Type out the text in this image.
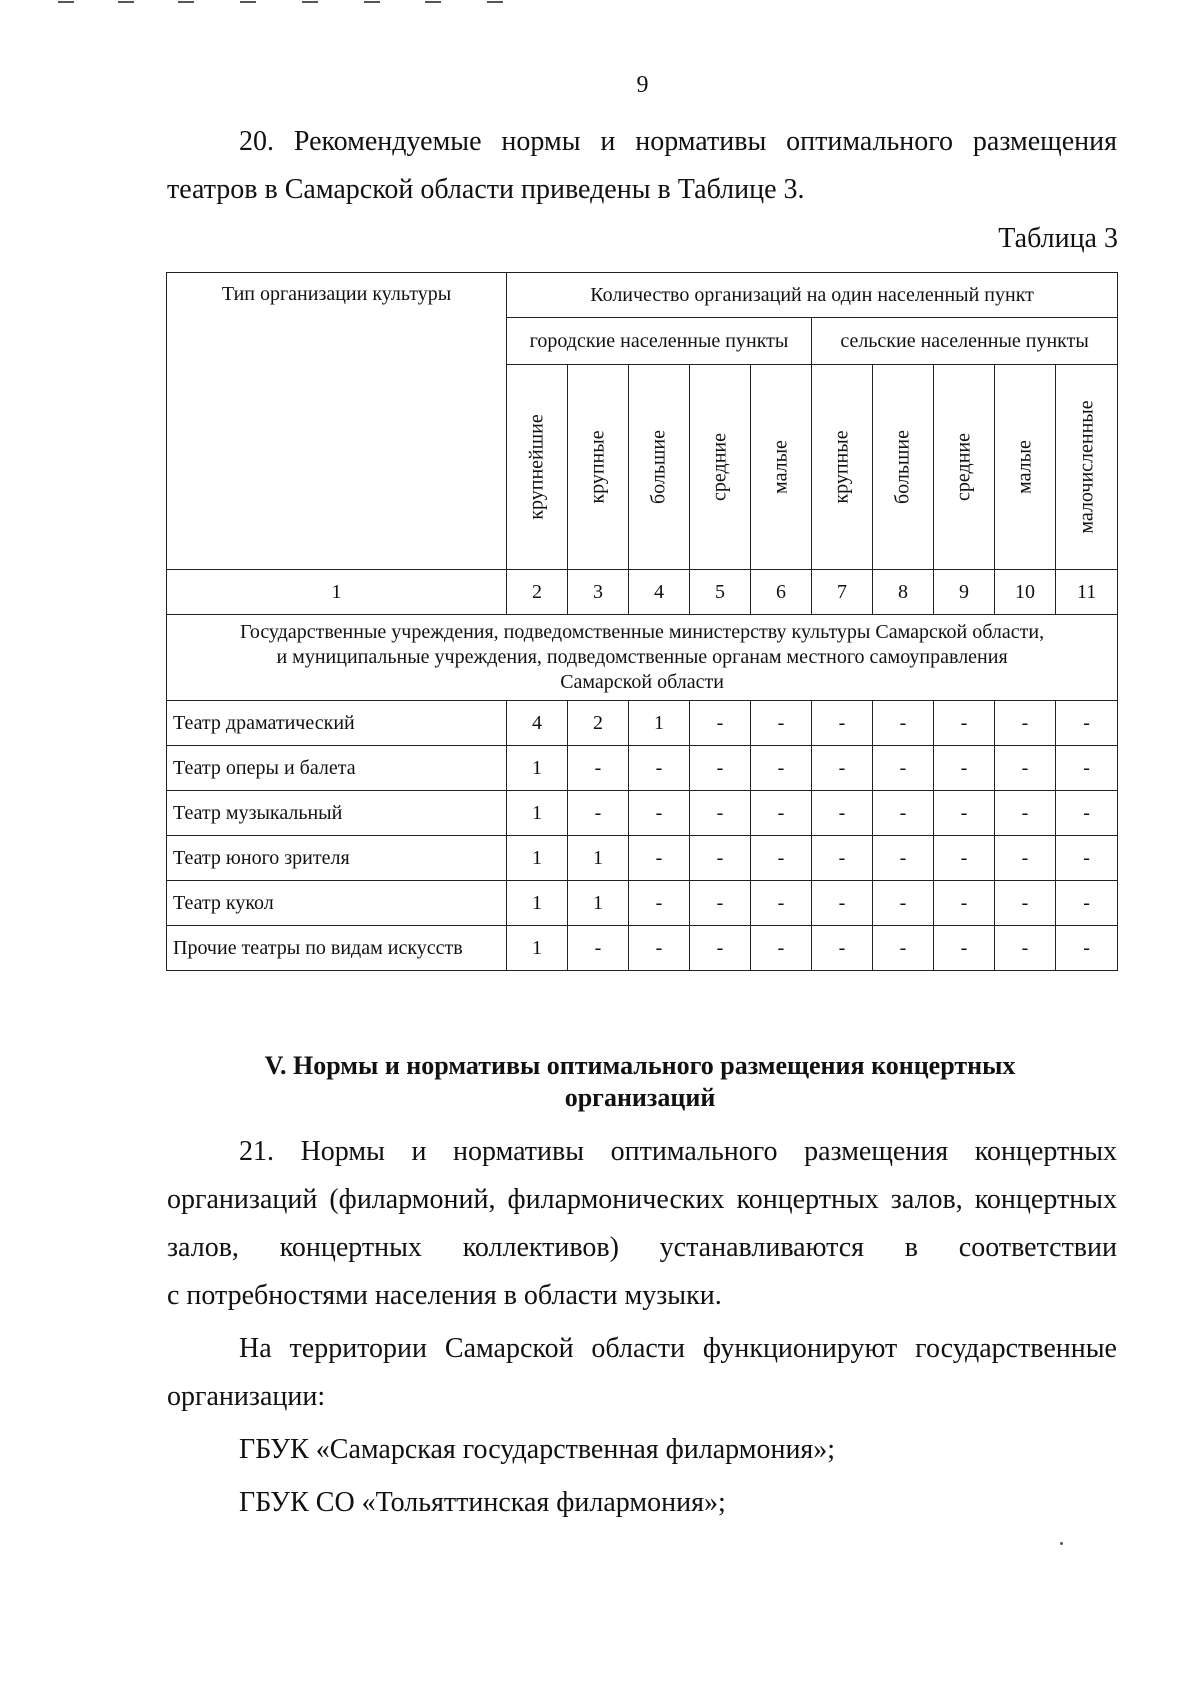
9

20. Рекомендуемые нормы и нормативы оптимального размещения

театров в Самарской области приведены в Таблице 3.

Таблица 3
Тип организации культуры	Количество организаций на один населенный пункт									
	городские населенные пункты					сельские населенные пункты				

	крупнейшие	крупные	большие	средние	малые	крупные	большие	средние	малые	малочисленные

1	2	3	4	5	6	7	8	9	10	11
Государственные учреждения, подведомственные министерству культуры Самарской области,
и муниципальные учреждения, подведомственные органам местного самоуправления
Самарской области										
Театр драматический	4	2	1	-	-	-	-	-	-	-
Театр оперы и балета	1	-	-	-	-	-	-	-	-	-
Театр музыкальный	1	-	-	-	-	-	-	-	-	-
Театр юного зрителя	1	1	-	-	-	-	-	-	-	-
Театр кукол	1	1	-	-	-	-	-	-	-	-
Прочие театры по видам искусств	1	-	-	-	-	-	-	-	-	-
V. Нормы и нормативы оптимального размещения концертных
организаций

21. Нормы и нормативы оптимального размещения концертных

организаций (филармоний, филармонических концертных залов, концертных

залов, концертных коллективов) устанавливаются в соответствии

с потребностями населения в области музыки.

На территории Самарской области функционируют государственные

организации:

ГБУК «Самарская государственная филармония»;

ГБУК СО «Тольяттинская филармония»;
